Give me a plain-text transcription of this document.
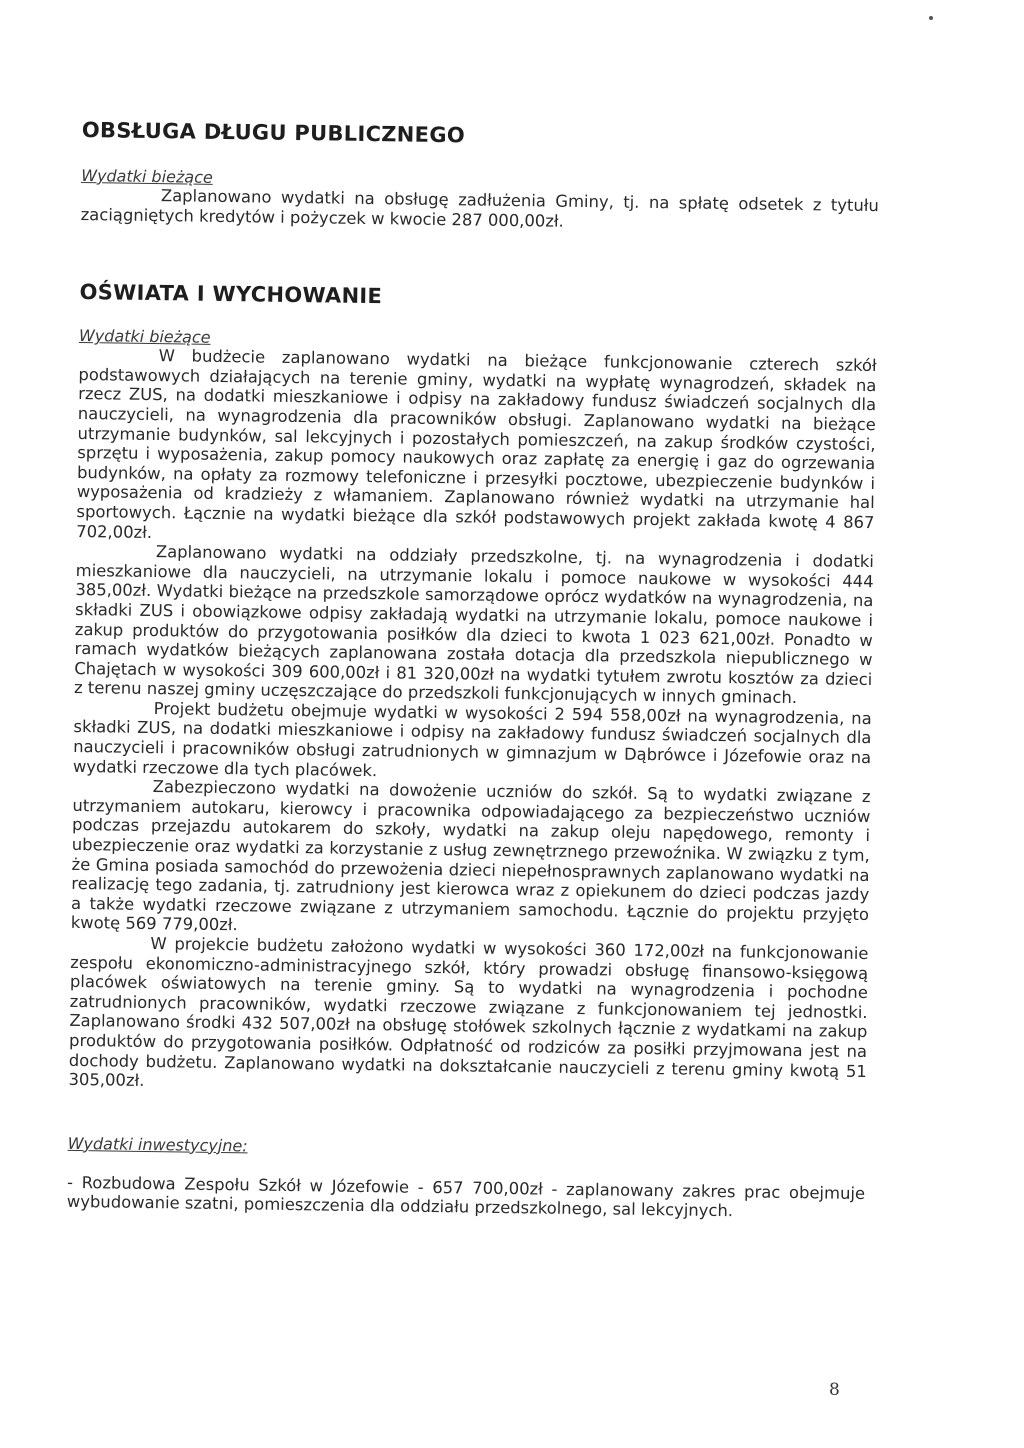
OBSŁUGA DŁUGU PUBLICZNEGO
Wydatki bieżące

Zaplanowano wydatki na obsługę zadłużenia Gminy, tj. na spłatę odsetek z tytułu zaciągniętych kredytów i pożyczek w kwocie 287 000,00zł.

OŚWIATA I WYCHOWANIE
Wydatki bieżące

W budżecie zaplanowano wydatki na bieżące funkcjonowanie czterech szkół podstawowych działających na terenie gminy, wydatki na wypłatę wynagrodzeń, składek na rzecz ZUS, na dodatki mieszkaniowe i odpisy na zakładowy fundusz świadczeń socjalnych dla nauczycieli, na wynagrodzenia dla pracowników obsługi. Zaplanowano wydatki na bieżące utrzymanie budynków, sal lekcyjnych i pozostałych pomieszczeń, na zakup środków czystości, sprzętu i wyposażenia, zakup pomocy naukowych oraz zapłatę za energię i gaz do ogrzewania budynków, na opłaty za rozmowy telefoniczne i przesyłki pocztowe, ubezpieczenie budynków i wyposażenia od kradzieży z włamaniem. Zaplanowano również wydatki na utrzymanie hal sportowych. Łącznie na wydatki bieżące dla szkół podstawowych projekt zakłada kwotę 4 867 702,00zł.

Zaplanowano wydatki na oddziały przedszkolne, tj. na wynagrodzenia i dodatki mieszkaniowe dla nauczycieli, na utrzymanie lokalu i pomoce naukowe w wysokości 444 385,00zł. Wydatki bieżące na przedszkole samorządowe oprócz wydatków na wynagrodzenia, na składki ZUS i obowiązkowe odpisy zakładają wydatki na utrzymanie lokalu, pomoce naukowe i zakup produktów do przygotowania posiłków dla dzieci to kwota 1 023 621,00zł. Ponadto w ramach wydatków bieżących zaplanowana została dotacja dla przedszkola niepublicznego w Chajętach w wysokości 309 600,00zł i 81 320,00zł na wydatki tytułem zwrotu kosztów za dzieci z terenu naszej gminy uczęszczające do przedszkoli funkcjonujących w innych gminach.

Projekt budżetu obejmuje wydatki w wysokości 2 594 558,00zł na wynagrodzenia, na składki ZUS, na dodatki mieszkaniowe i odpisy na zakładowy fundusz świadczeń socjalnych dla nauczycieli i pracowników obsługi zatrudnionych w gimnazjum w Dąbrówce i Józefowie oraz na wydatki rzeczowe dla tych placówek.

Zabezpieczono wydatki na dowożenie uczniów do szkół. Są to wydatki związane z utrzymaniem autokaru, kierowcy i pracownika odpowiadającego za bezpieczeństwo uczniów podczas przejazdu autokarem do szkoły, wydatki na zakup oleju napędowego, remonty i ubezpieczenie oraz wydatki za korzystanie z usług zewnętrznego przewoźnika. W związku z tym, że Gmina posiada samochód do przewożenia dzieci niepełnosprawnych zaplanowano wydatki na realizację tego zadania, tj. zatrudniony jest kierowca wraz z opiekunem do dzieci podczas jazdy a także wydatki rzeczowe związane z utrzymaniem samochodu. Łącznie do projektu przyjęto kwotę 569 779,00zł.

W projekcie budżetu założono wydatki w wysokości 360 172,00zł na funkcjonowanie zespołu ekonomiczno-administracyjnego szkół, który prowadzi obsługę finansowo-księgową placówek oświatowych na terenie gminy. Są to wydatki na wynagrodzenia i pochodne zatrudnionych pracowników, wydatki rzeczowe związane z funkcjonowaniem tej jednostki. Zaplanowano środki 432 507,00zł na obsługę stołówek szkolnych łącznie z wydatkami na zakup produktów do przygotowania posiłków. Odpłatność od rodziców za posiłki przyjmowana jest na dochody budżetu. Zaplanowano wydatki na dokształcanie nauczycieli z terenu gminy kwotą 51 305,00zł.

Wydatki inwestycyjne:

- Rozbudowa Zespołu Szkół w Józefowie - 657 700,00zł - zaplanowany zakres prac obejmuje wybudowanie szatni, pomieszczenia dla oddziału przedszkolnego, sal lekcyjnych.

8
